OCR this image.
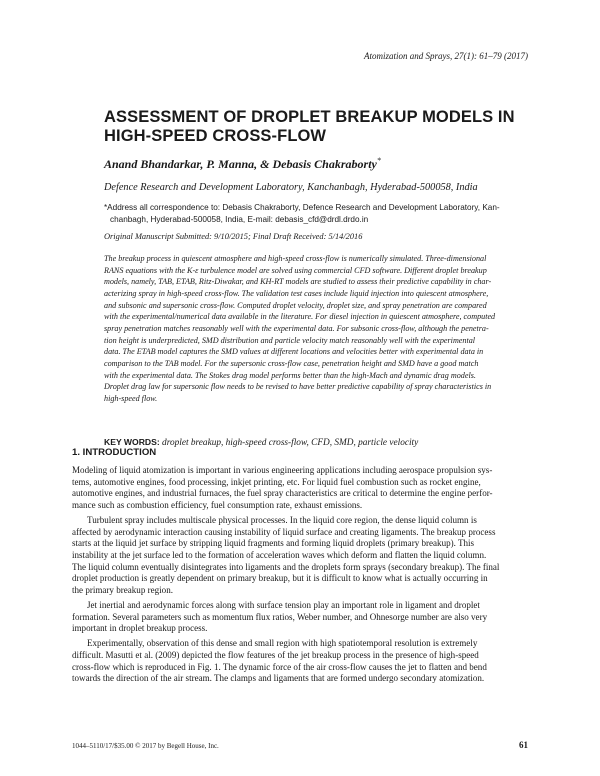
Atomization and Sprays, 27(1): 61–79 (2017)
ASSESSMENT OF DROPLET BREAKUP MODELS IN HIGH-SPEED CROSS-FLOW
Anand Bhandarkar, P. Manna, & Debasis Chakraborty*
Defence Research and Development Laboratory, Kanchanbagh, Hyderabad-500058, India
*Address all correspondence to: Debasis Chakraborty, Defence Research and Development Laboratory, Kan-
chanbagh, Hyderabad-500058, India, E-mail: debasis_cfd@drdl.drdo.in
Original Manuscript Submitted: 9/10/2015; Final Draft Received: 5/14/2016
The breakup process in quiescent atmosphere and high-speed cross-flow is numerically simulated. Three-dimensional
RANS equations with the K-ε turbulence model are solved using commercial CFD software. Different droplet breakup
models, namely, TAB, ETAB, Ritz-Diwakar, and KH-RT models are studied to assess their predictive capability in char-
acterizing spray in high-speed cross-flow. The validation test cases include liquid injection into quiescent atmosphere,
and subsonic and supersonic cross-flow. Computed droplet velocity, droplet size, and spray penetration are compared
with the experimental/numerical data available in the literature. For diesel injection in quiescent atmosphere, computed
spray penetration matches reasonably well with the experimental data. For subsonic cross-flow, although the penetra-
tion height is underpredicted, SMD distribution and particle velocity match reasonably well with the experimental
data. The ETAB model captures the SMD values at different locations and velocities better with experimental data in
comparison to the TAB model. For the supersonic cross-flow case, penetration height and SMD have a good match
with the experimental data. The Stokes drag model performs better than the high-Mach and dynamic drag models.
Droplet drag law for supersonic flow needs to be revised to have better predictive capability of spray characteristics in
high-speed flow.
KEY WORDS: droplet breakup, high-speed cross-flow, CFD, SMD, particle velocity
1. INTRODUCTION
Modeling of liquid atomization is important in various engineering applications including aerospace propulsion sys-
tems, automotive engines, food processing, inkjet printing, etc. For liquid fuel combustion such as rocket engine,
automotive engines, and industrial furnaces, the fuel spray characteristics are critical to determine the engine perfor-
mance such as combustion efficiency, fuel consumption rate, exhaust emissions.
Turbulent spray includes multiscale physical processes. In the liquid core region, the dense liquid column is
affected by aerodynamic interaction causing instability of liquid surface and creating ligaments. The breakup process
starts at the liquid jet surface by stripping liquid fragments and forming liquid droplets (primary breakup). This
instability at the jet surface led to the formation of acceleration waves which deform and flatten the liquid column.
The liquid column eventually disintegrates into ligaments and the droplets form sprays (secondary breakup). The final
droplet production is greatly dependent on primary breakup, but it is difficult to know what is actually occurring in
the primary breakup region.
Jet inertial and aerodynamic forces along with surface tension play an important role in ligament and droplet
formation. Several parameters such as momentum flux ratios, Weber number, and Ohnesorge number are also very
important in droplet breakup process.
Experimentally, observation of this dense and small region with high spatiotemporal resolution is extremely
difficult. Masutti et al. (2009) depicted the flow features of the jet breakup process in the presence of high-speed
cross-flow which is reproduced in Fig. 1. The dynamic force of the air cross-flow causes the jet to flatten and bend
towards the direction of the air stream. The clamps and ligaments that are formed undergo secondary atomization.
1044–5110/17/$35.00 © 2017 by Begell House, Inc.	61
